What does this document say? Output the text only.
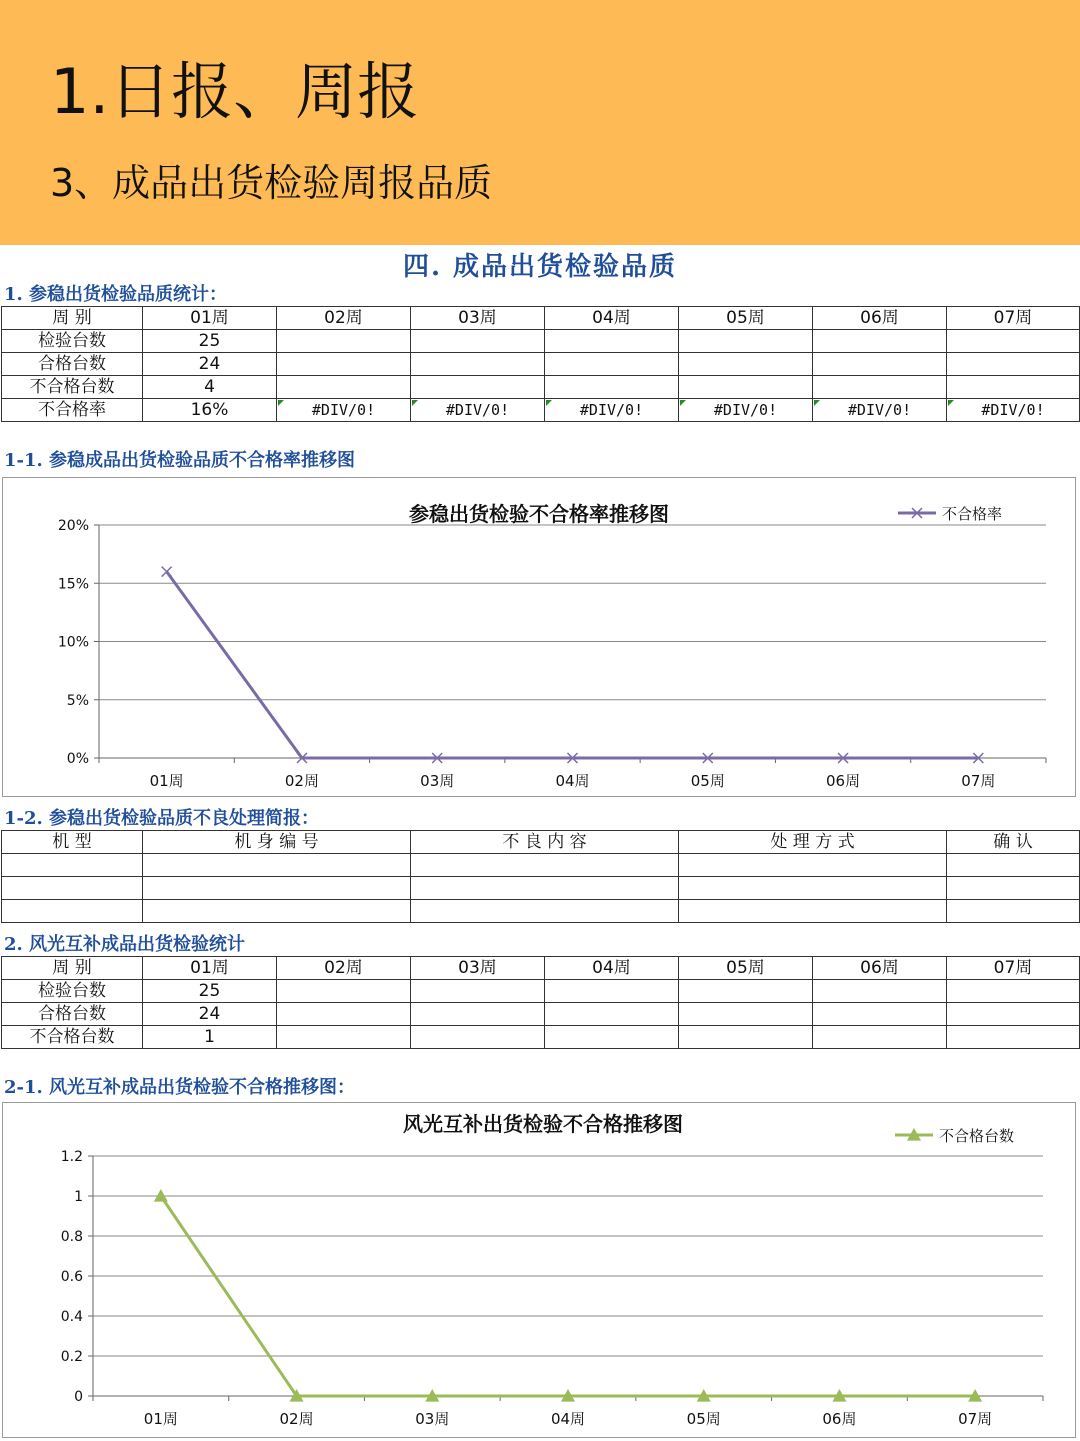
1.日报、周报
3、成品出货检验周报品质
四. 成品出货检验品质
1. 参稳出货检验品质统计：
周 别	01周	02周	03周	04周	05周	06周	07周
检验台数	25						
合格台数	24						
不合格台数	4						
不合格率	16%	#DIV/0!	#DIV/0!	#DIV/0!	#DIV/0!	#DIV/0!	#DIV/0!
1-1. 参稳成品出货检验品质不合格率推移图
参稳出货检验不合格率推移图	不合格率
0%
5%
10%
15%
20%
01周	02周	03周	04周	05周	06周	07周
1-2. 参稳出货检验品质不良处理简报：
机 型	机 身 编 号	不 良 内 容	处 理 方 式	确 认

2. 风光互补成品出货检验统计
周 别	01周	02周	03周	04周	05周	06周	07周
检验台数	25						
合格台数	24						
不合格台数	1						
2-1. 风光互补成品出货检验不合格推移图：
风光互补出货检验不合格推移图	不合格台数
0
0.2
0.4
0.6
0.8
1
1.2
01周	02周	03周	04周	05周	06周	07周
